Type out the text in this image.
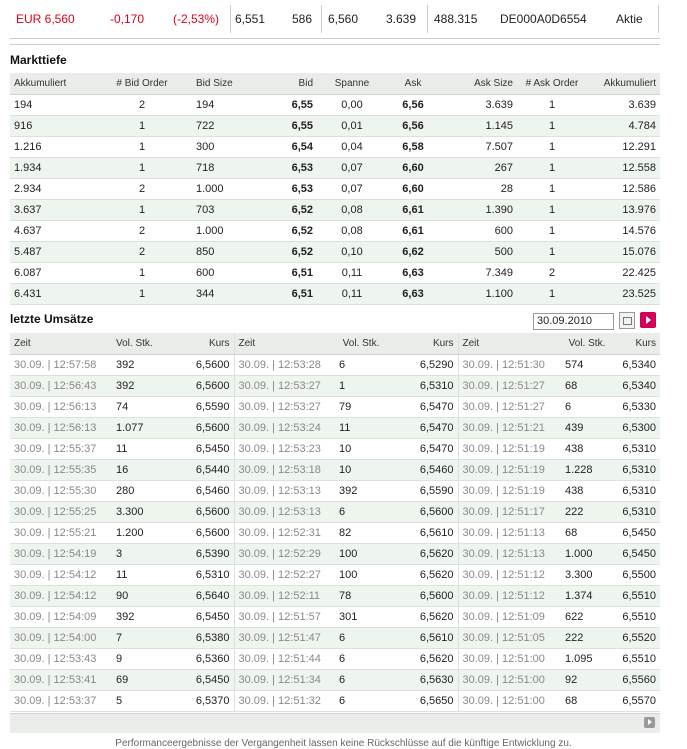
EUR 6,560	-0,170 (-2,53%) 6,551 586 6,560 3.639 488.315 DE000A0D6554 Aktie
Markttiefe
Akkumuliert	# Bid Order	Bid Size	Bid	Spanne	Ask	Ask Size	# Ask Order	Akkumuliert
194	2	194	6,55	0,00	6,56	3.639	1	3.639
916	1	722	6,55	0,01	6,56	1.145	1	4.784
1.216	1	300	6,54	0,04	6,58	7.507	1	12.291
1.934	1	718	6,53	0,07	6,60	267	1	12.558
2.934	2	1.000	6,53	0,07	6,60	28	1	12.586
3.637	1	703	6,52	0,08	6,61	1.390	1	13.976
4.637	2	1.000	6,52	0,08	6,61	600	1	14.576
5.487	2	850	6,52	0,10	6,62	500	1	15.076
6.087	1	600	6,51	0,11	6,63	7.349	2	22.425
6.431	1	344	6,51	0,11	6,63	1.100	1	23.525
letzte Umsätze
Zeit	Vol. Stk.	Kurs	Zeit	Vol. Stk.	Kurs	Zeit	Vol. Stk.	Kurs
30.09. | 12:57:58	392	6,5600	30.09. | 12:53:28	6	6,5290	30.09. | 12:51:30	574	6,5340
30.09. | 12:56:43	392	6,5600	30.09. | 12:53:27	1	6,5310	30.09. | 12:51:27	68	6,5340
30.09. | 12:56:13	74	6,5590	30.09. | 12:53:27	79	6,5470	30.09. | 12:51:27	6	6,5330
30.09. | 12:56:13	1.077	6,5600	30.09. | 12:53:24	11	6,5470	30.09. | 12:51:21	439	6,5300
30.09. | 12:55:37	11	6,5450	30.09. | 12:53:23	10	6,5470	30.09. | 12:51:19	438	6,5310
30.09. | 12:55:35	16	6,5440	30.09. | 12:53:18	10	6,5460	30.09. | 12:51:19	1.228	6,5310
30.09. | 12:55:30	280	6,5460	30.09. | 12:53:13	392	6,5590	30.09. | 12:51:19	438	6,5310
30.09. | 12:55:25	3.300	6,5600	30.09. | 12:53:13	6	6,5600	30.09. | 12:51:17	222	6,5310
30.09. | 12:55:21	1.200	6,5600	30.09. | 12:52:31	82	6,5610	30.09. | 12:51:13	68	6,5450
30.09. | 12:54:19	3	6,5390	30.09. | 12:52:29	100	6,5620	30.09. | 12:51:13	1.000	6,5450
30.09. | 12:54:12	11	6,5310	30.09. | 12:52:27	100	6,5620	30.09. | 12:51:12	3.300	6,5500
30.09. | 12:54:12	90	6,5640	30.09. | 12:52:11	78	6,5600	30.09. | 12:51:12	1.374	6,5510
30.09. | 12:54:09	392	6,5450	30.09. | 12:51:57	301	6,5620	30.09. | 12:51:09	622	6,5510
30.09. | 12:54:00	7	6,5380	30.09. | 12:51:47	6	6,5610	30.09. | 12:51:05	222	6,5520
30.09. | 12:53:43	9	6,5360	30.09. | 12:51:44	6	6,5620	30.09. | 12:51:00	1.095	6,5510
30.09. | 12:53:41	69	6,5450	30.09. | 12:51:34	6	6,5630	30.09. | 12:51:00	92	6,5560
30.09. | 12:53:37	5	6,5370	30.09. | 12:51:32	6	6,5650	30.09. | 12:51:00	68	6,5570
30.09.2010
Performanceergebnisse der Vergangenheit lassen keine Rückschlüsse auf die künftige Entwicklung zu.
